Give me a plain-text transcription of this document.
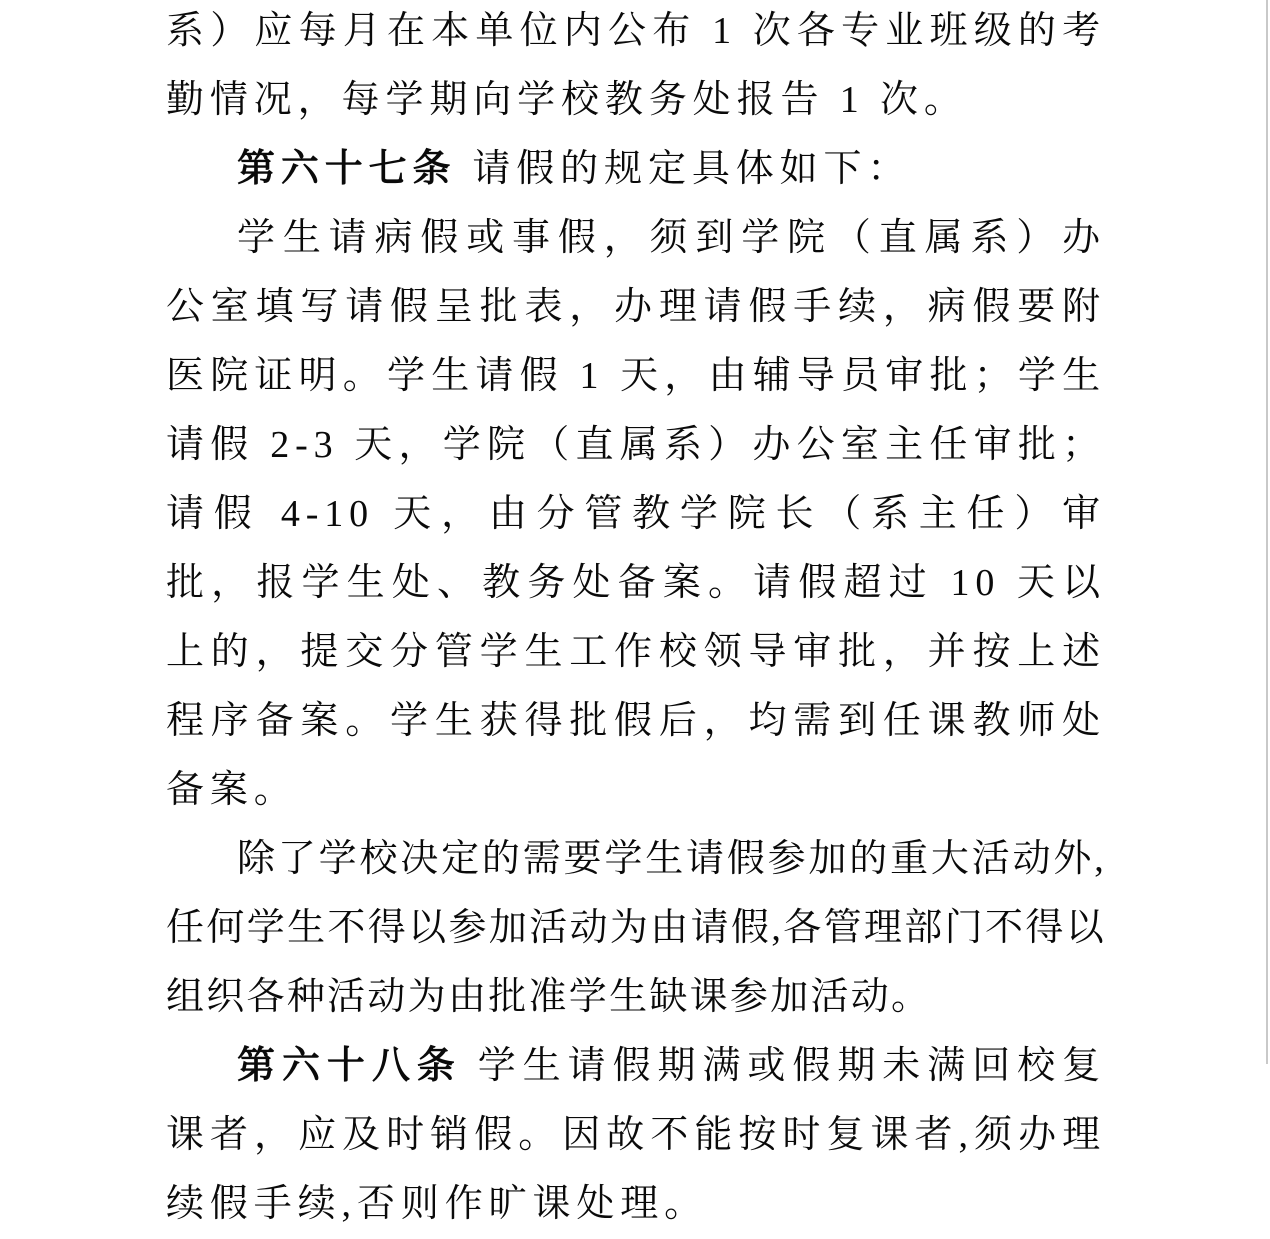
系）应每月在本单位内公布 1 次各专业班级的考勤情况，每学期向学校教务处报告 1 次。

第六十七条 请假的规定具体如下：

学生请病假或事假，须到学院（直属系）办公室填写请假呈批表，办理请假手续，病假要附医院证明。学生请假 1 天，由辅导员审批；学生请假 2-3 天，学院（直属系）办公室主任审批；请假 4-10 天，由分管教学院长（系主任）审批，报学生处、教务处备案。请假超过 10 天以上的，提交分管学生工作校领导审批，并按上述程序备案。学生获得批假后，均需到任课教师处备案。

除了学校决定的需要学生请假参加的重大活动外,任何学生不得以参加活动为由请假,各管理部门不得以组织各种活动为由批准学生缺课参加活动。

第六十八条 学生请假期满或假期未满回校复课者，应及时销假。因故不能按时复课者,须办理续假手续,否则作旷课处理。
